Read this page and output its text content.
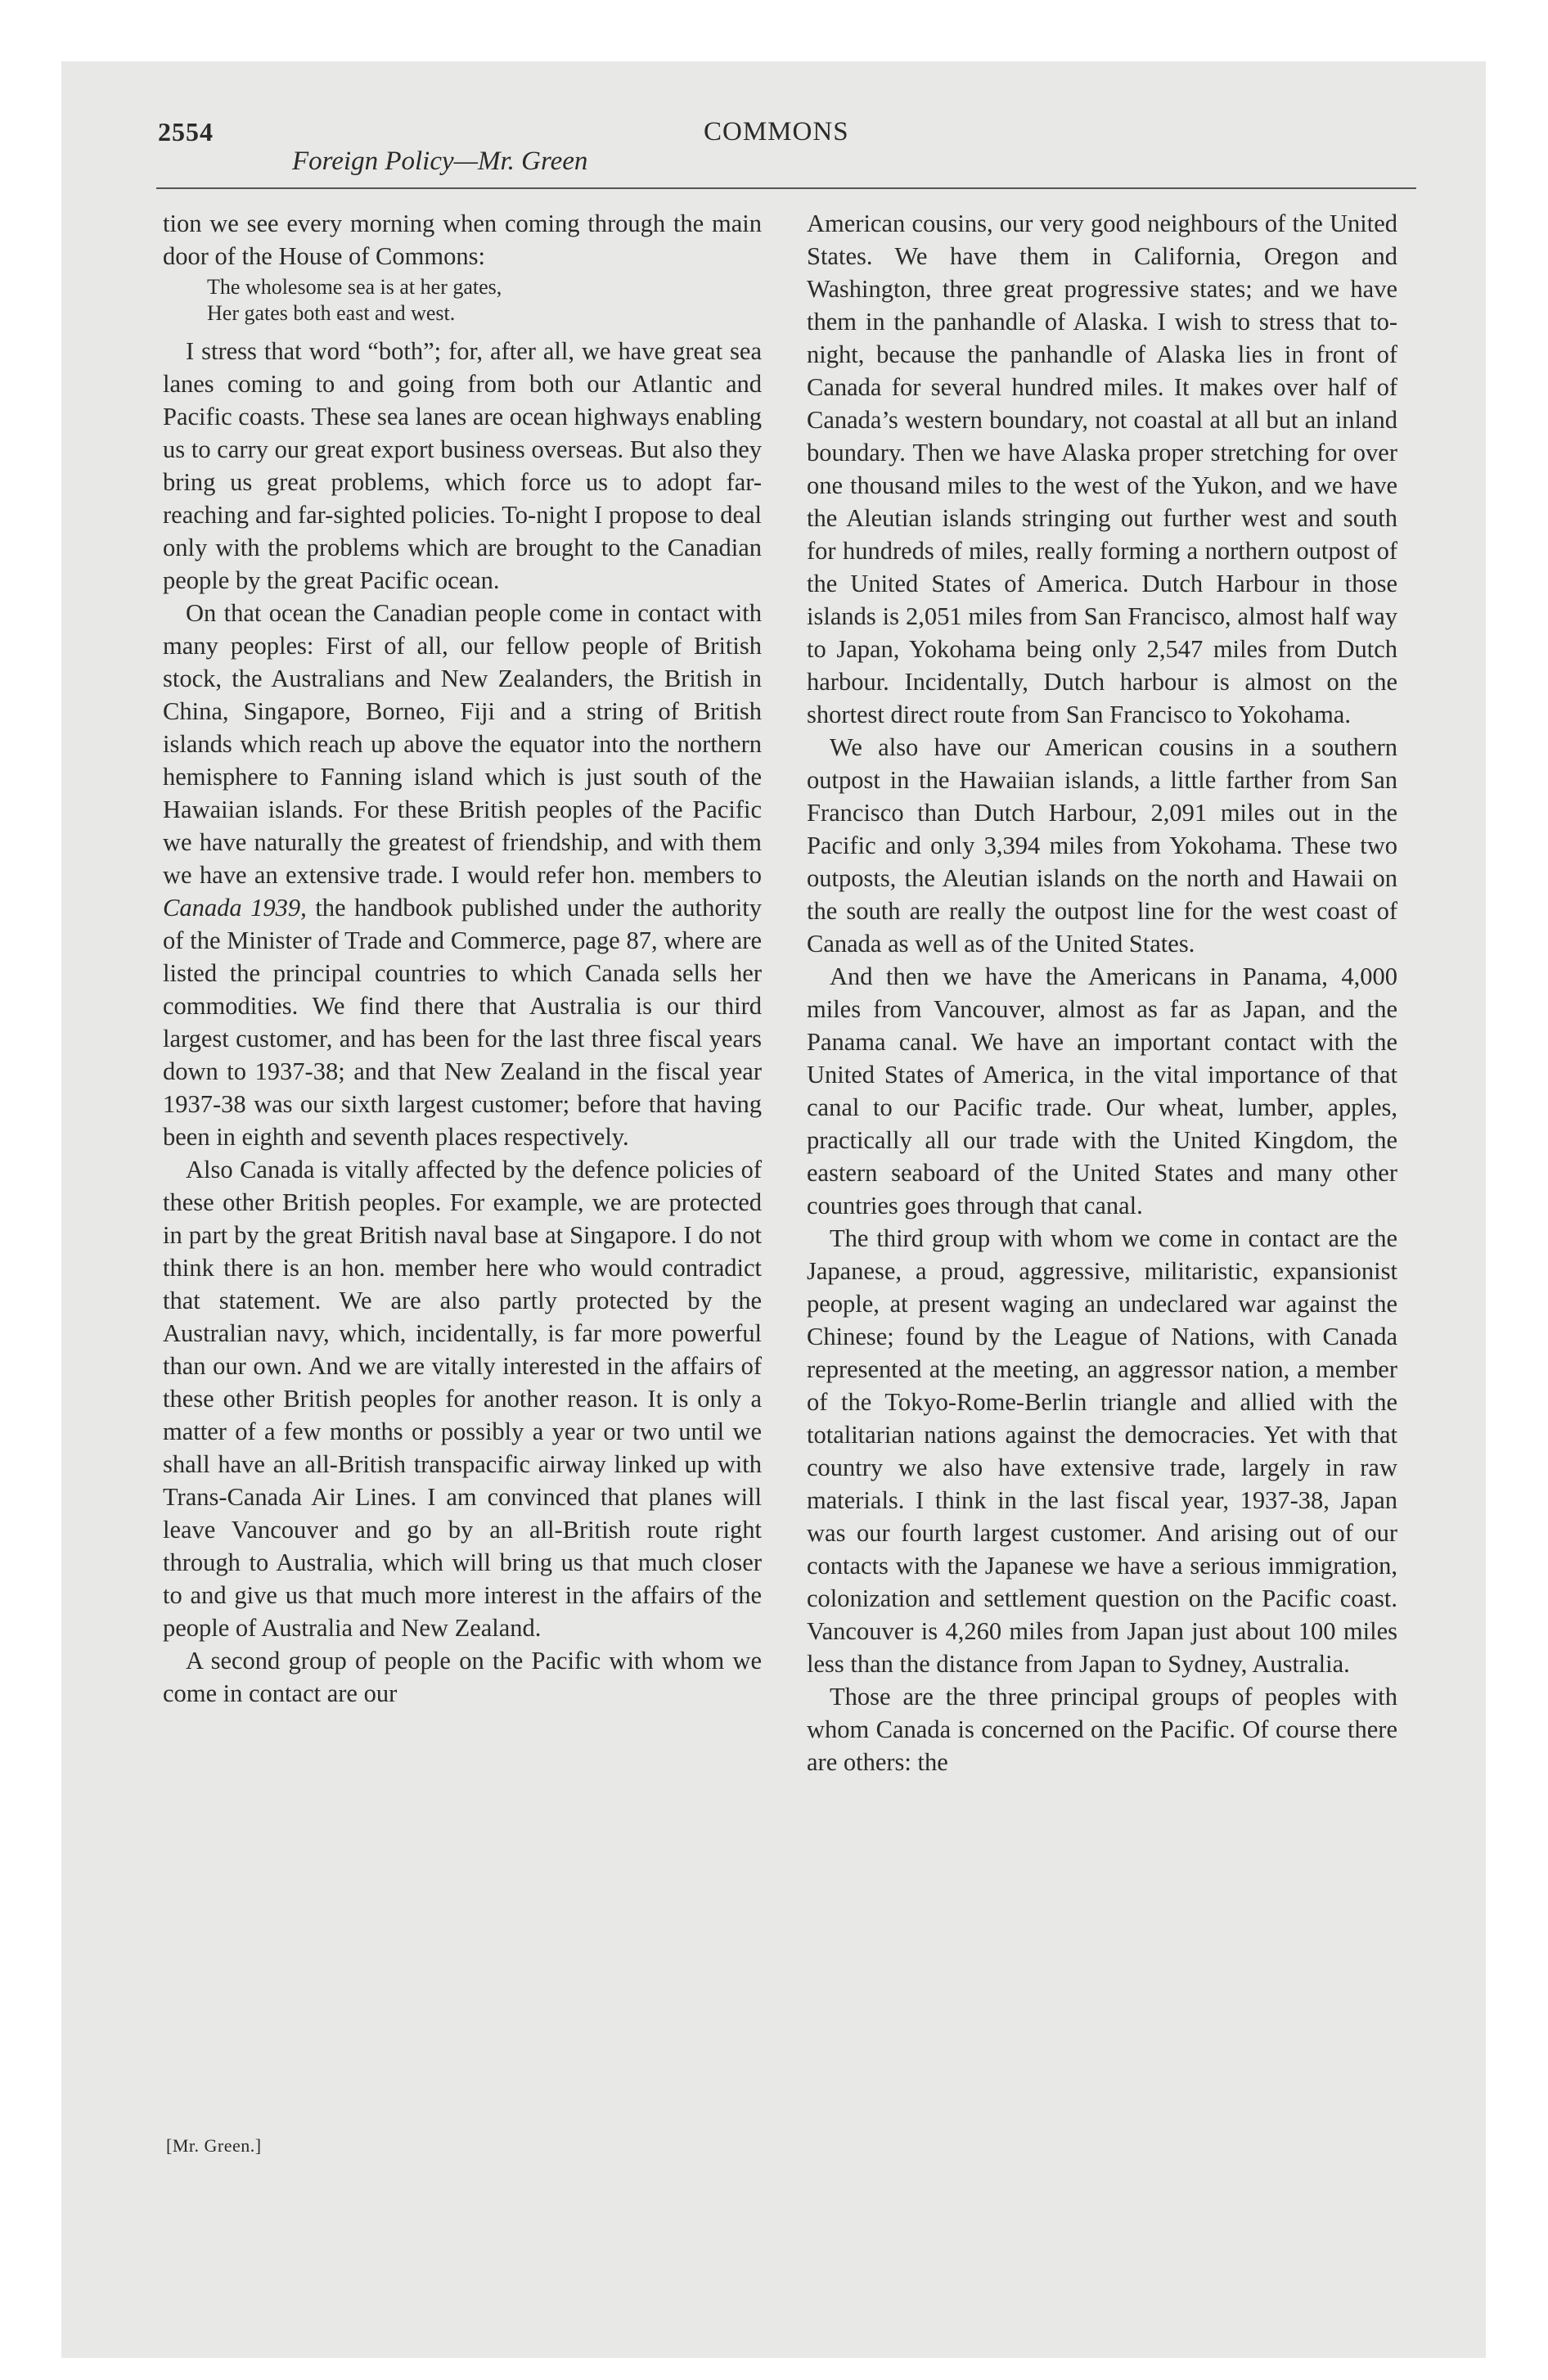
2554	COMMONS
Foreign Policy—Mr. Green

tion we see every morning when coming through the main door of the House of Commons:

The wholesome sea is at her gates,
Her gates both east and west.

I stress that word “both”; for, after all, we have great sea lanes coming to and going from both our Atlantic and Pacific coasts. These sea lanes are ocean highways enabling us to carry our great export business overseas. But also they bring us great problems, which force us to adopt far-reaching and far-sighted policies. To-night I propose to deal only with the problems which are brought to the Canadian people by the great Pacific ocean.

On that ocean the Canadian people come in contact with many peoples: First of all, our fellow people of British stock, the Australians and New Zealanders, the British in China, Singapore, Borneo, Fiji and a string of British islands which reach up above the equator into the northern hemisphere to Fanning island which is just south of the Hawaiian islands. For these British peoples of the Pacific we have naturally the greatest of friendship, and with them we have an extensive trade. I would refer hon. members to Canada 1939, the handbook published under the authority of the Minister of Trade and Commerce, page 87, where are listed the principal countries to which Canada sells her commodities. We find there that Australia is our third largest customer, and has been for the last three fiscal years down to 1937-38; and that New Zealand in the fiscal year 1937-38 was our sixth largest customer; before that having been in eighth and seventh places respectively.

Also Canada is vitally affected by the defence policies of these other British peoples. For example, we are protected in part by the great British naval base at Singapore. I do not think there is an hon. member here who would contradict that statement. We are also partly protected by the Australian navy, which, incidentally, is far more powerful than our own. And we are vitally interested in the affairs of these other British peoples for another reason. It is only a matter of a few months or possibly a year or two until we shall have an all-British transpacific airway linked up with Trans-Canada Air Lines. I am convinced that planes will leave Vancouver and go by an all-British route right through to Australia, which will bring us that much closer to and give us that much more interest in the affairs of the people of Australia and New Zealand.

A second group of people on the Pacific with whom we come in contact are our

[Mr. Green.]

American cousins, our very good neighbours of the United States. We have them in California, Oregon and Washington, three great progressive states; and we have them in the panhandle of Alaska. I wish to stress that to-night, because the panhandle of Alaska lies in front of Canada for several hundred miles. It makes over half of Canada’s western boundary, not coastal at all but an inland boundary. Then we have Alaska proper stretching for over one thousand miles to the west of the Yukon, and we have the Aleutian islands stringing out further west and south for hundreds of miles, really forming a northern outpost of the United States of America. Dutch Harbour in those islands is 2,051 miles from San Francisco, almost half way to Japan, Yokohama being only 2,547 miles from Dutch harbour. Incidentally, Dutch harbour is almost on the shortest direct route from San Francisco to Yokohama.

We also have our American cousins in a southern outpost in the Hawaiian islands, a little farther from San Francisco than Dutch Harbour, 2,091 miles out in the Pacific and only 3,394 miles from Yokohama. These two outposts, the Aleutian islands on the north and Hawaii on the south are really the outpost line for the west coast of Canada as well as of the United States.

And then we have the Americans in Panama, 4,000 miles from Vancouver, almost as far as Japan, and the Panama canal. We have an important contact with the United States of America, in the vital importance of that canal to our Pacific trade. Our wheat, lumber, apples, practically all our trade with the United Kingdom, the eastern seaboard of the United States and many other countries goes through that canal.

The third group with whom we come in contact are the Japanese, a proud, aggressive, militaristic, expansionist people, at present waging an undeclared war against the Chinese; found by the League of Nations, with Canada represented at the meeting, an aggressor nation, a member of the Tokyo-Rome-Berlin triangle and allied with the totalitarian nations against the democracies. Yet with that country we also have extensive trade, largely in raw materials. I think in the last fiscal year, 1937-38, Japan was our fourth largest customer. And arising out of our contacts with the Japanese we have a serious immigration, colonization and settlement question on the Pacific coast. Vancouver is 4,260 miles from Japan just about 100 miles less than the distance from Japan to Sydney, Australia.

Those are the three principal groups of peoples with whom Canada is concerned on the Pacific. Of course there are others: the
